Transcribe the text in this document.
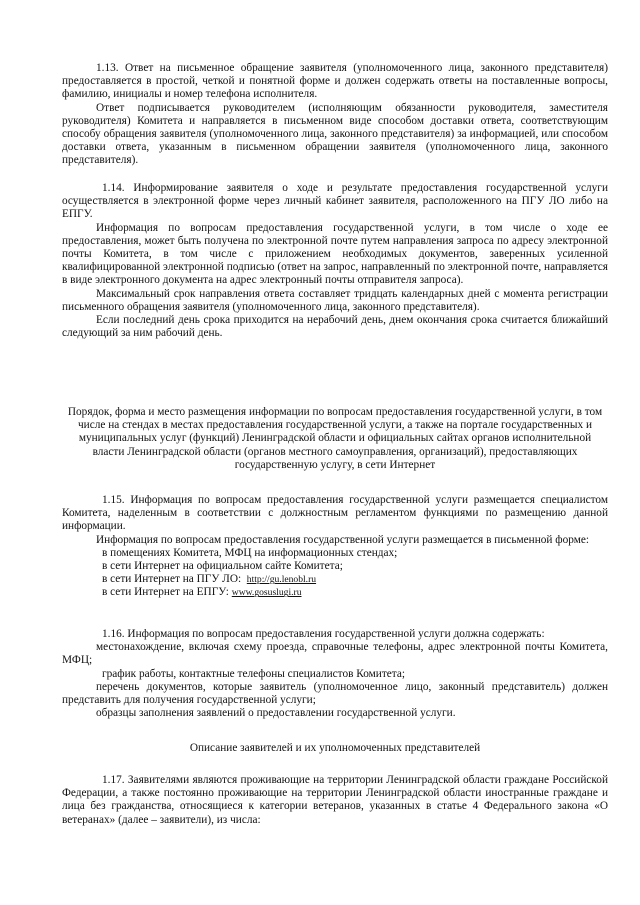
1.13. Ответ на письменное обращение заявителя (уполномоченного лица, законного представителя) предоставляется в простой, четкой и понятной форме и должен содержать ответы на поставленные вопросы, фамилию, инициалы и номер телефона исполнителя.

Ответ подписывается руководителем (исполняющим обязанности руководителя, заместителя руководителя) Комитета и направляется в письменном виде способом доставки ответа, соответствующим способу обращения заявителя (уполномоченного лица, законного представителя) за информацией, или способом доставки ответа, указанным в письменном обращении заявителя (уполномоченного лица, законного представителя).

1.14. Информирование заявителя о ходе и результате предоставления государственной услуги осуществляется в электронной форме через личный кабинет заявителя, расположенного на ПГУ ЛО либо на ЕПГУ.

Информация по вопросам предоставления государственной услуги, в том числе о ходе ее предоставления, может быть получена по электронной почте путем направления запроса по адресу электронной почты Комитета, в том числе с приложением необходимых документов, заверенных усиленной квалифицированной электронной подписью (ответ на запрос, направленный по электронной почте, направляется в виде электронного документа на адрес электронный почты отправителя запроса).

Максимальный срок направления ответа составляет тридцать календарных дней с момента регистрации письменного обращения заявителя (уполномоченного лица, законного представителя).

Если последний день срока приходится на нерабочий день, днем окончания срока считается ближайший следующий за ним рабочий день.

Порядок, форма и место размещения информации по вопросам предоставления государственной услуги, в том числе на стендах в местах предоставления государственной услуги, а также на портале государственных и муниципальных услуг (функций) Ленинградской области и официальных сайтах органов исполнительной власти Ленинградской области (органов местного самоуправления, организаций), предоставляющих государственную услугу, в сети Интернет

1.15. Информация по вопросам предоставления государственной услуги размещается специалистом Комитета, наделенным в соответствии с должностным регламентом функциями по размещению данной информации.

Информация по вопросам предоставления государственной услуги размещается в письменной форме:

в помещениях Комитета, МФЦ на информационных стендах;

в сети Интернет на официальном сайте Комитета;

в сети Интернет на ПГУ ЛО: http://gu.lenobl.ru

в сети Интернет на ЕПГУ: www.gosuslugi.ru

1.16. Информация по вопросам предоставления государственной услуги должна содержать:

местонахождение, включая схему проезда, справочные телефоны, адрес электронной почты Комитета, МФЦ;

график работы, контактные телефоны специалистов Комитета;

перечень документов, которые заявитель (уполномоченное лицо, законный представитель) должен представить для получения государственной услуги;

образцы заполнения заявлений о предоставлении государственной услуги.

Описание заявителей и их уполномоченных представителей

1.17. Заявителями являются проживающие на территории Ленинградской области граждане Российской Федерации, а также постоянно проживающие на территории Ленинградской области иностранные граждане и лица без гражданства, относящиеся к категории ветеранов, указанных в статье 4 Федерального закона «О ветеранах» (далее – заявители), из числа:
